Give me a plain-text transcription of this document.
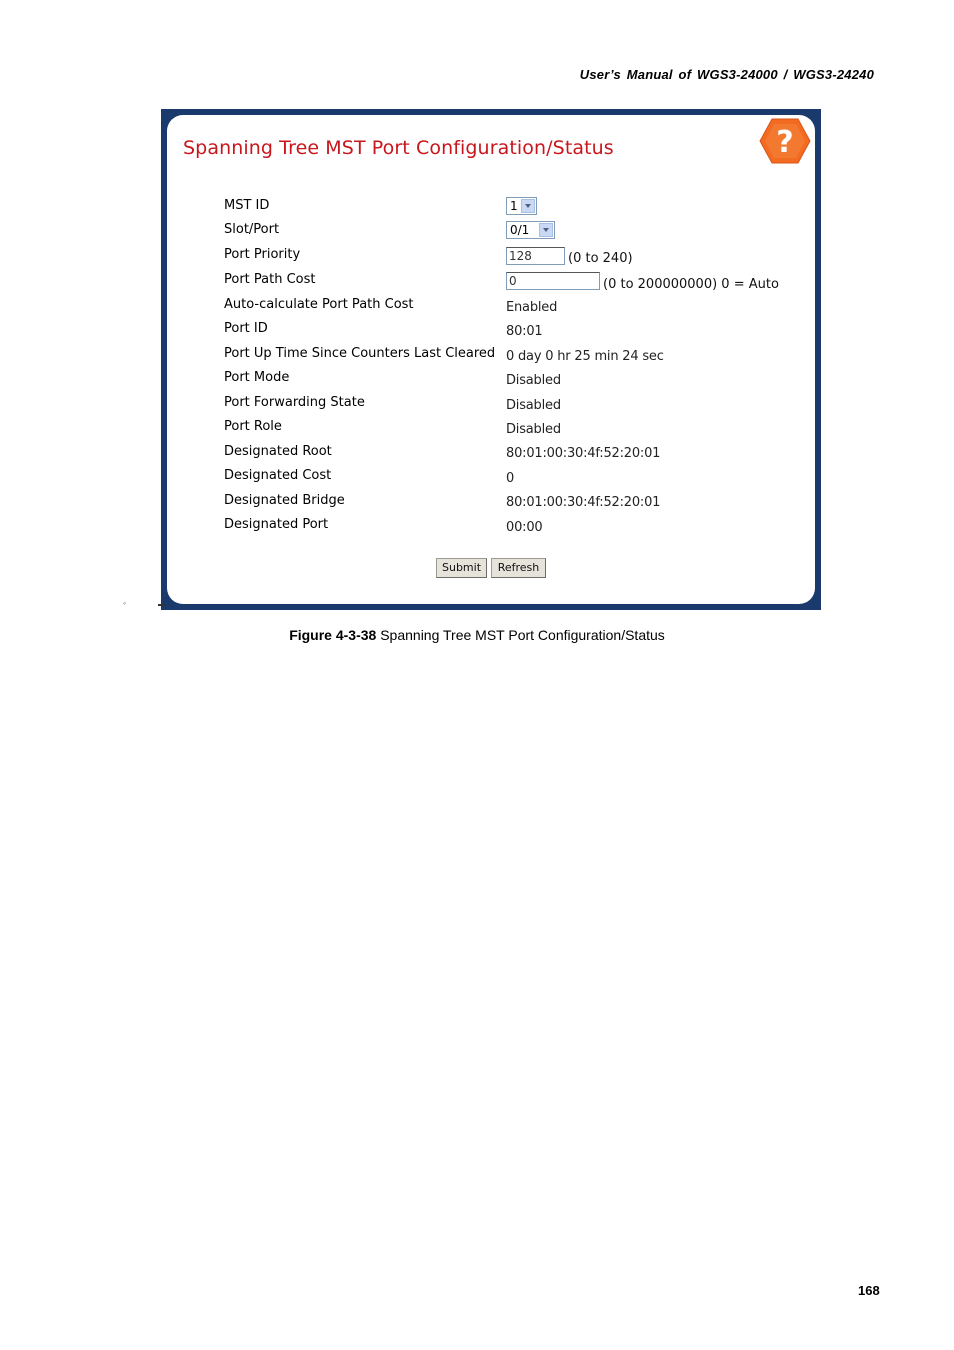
User’s Manual of WGS3-24000 / WGS3-24240
Spanning Tree MST Port Configuration/Status	?
MST ID	1
Slot/Port	0/1
Port Priority	128	(0 to 240)
Port Path Cost	0	(0 to 200000000) 0 = Auto
Auto-calculate Port Path Cost	Enabled
Port ID	80:01
Port Up Time Since Counters Last Cleared 0 day 0 hr 25 min 24 sec
Port Mode	Disabled
Port Forwarding State	Disabled
Port Role	Disabled
Designated Root	80:01:00:30:4f:52:20:01
Designated Cost	0
Designated Bridge	80:01:00:30:4f:52:20:01
Designated Port	00:00
Submit	Refresh
◦
Figure 4-3-38 Spanning Tree MST Port Configuration/Status
168
